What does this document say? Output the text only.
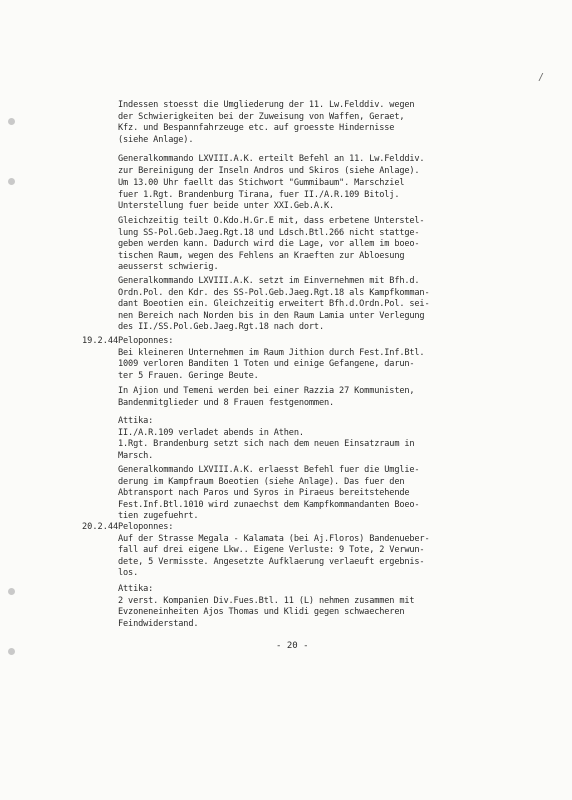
/
Indessen stoesst die Umgliederung der 11. Lw.Felddiv. wegen
der Schwierigkeiten bei der Zuweisung von Waffen, Geraet,
Kfz. und Bespannfahrzeuge etc. auf groesste Hindernisse
(siehe Anlage).
Generalkommando LXVIII.A.K. erteilt Befehl an 11. Lw.Felddiv.
zur Bereinigung der Inseln Andros und Skiros (siehe Anlage).
Um 13.00 Uhr faellt das Stichwort "Gummibaum". Marschziel
fuer 1.Rgt. Brandenburg Tirana, fuer II./A.R.109 Bitolj.
Unterstellung fuer beide unter XXI.Geb.A.K.
Gleichzeitig teilt O.Kdo.H.Gr.E mit, dass erbetene Unterstel-
lung SS-Pol.Geb.Jaeg.Rgt.18 und Ldsch.Btl.266 nicht stattge-
geben werden kann. Dadurch wird die Lage, vor allem im boeo-
tischen Raum, wegen des Fehlens an Kraeften zur Abloesung
aeusserst schwierig.
Generalkommando LXVIII.A.K. setzt im Einvernehmen mit Bfh.d.
Ordn.Pol. den Kdr. des SS-Pol.Geb.Jaeg.Rgt.18 als Kampfkomman-
dant Boeotien ein. Gleichzeitig erweitert Bfh.d.Ordn.Pol. sei-
nen Bereich nach Norden bis in den Raum Lamia unter Verlegung
des II./SS.Pol.Geb.Jaeg.Rgt.18 nach dort.
19.2.44 Peloponnes:
Bei kleineren Unternehmen im Raum Jithion durch Fest.Inf.Btl.
1009 verloren Banditen 1 Toten und einige Gefangene, darun-
ter 5 Frauen. Geringe Beute.
In Ajion und Temeni werden bei einer Razzia 27 Kommunisten,
Bandenmitglieder und 8 Frauen festgenommen.
Attika:
II./A.R.109 verladet abends in Athen.
1.Rgt. Brandenburg setzt sich nach dem neuen Einsatzraum in
Marsch.
Generalkommando LXVIII.A.K. erlaesst Befehl fuer die Umglie-
derung im Kampfraum Boeotien (siehe Anlage). Das fuer den
Abtransport nach Paros und Syros in Piraeus bereitstehende
Fest.Inf.Btl.1010 wird zunaechst dem Kampfkommandanten Boeo-
tien zugefuehrt.
20.2.44 Peloponnes:
Auf der Strasse Megala - Kalamata (bei Aj.Floros) Bandenueber-
fall auf drei eigene Lkw.. Eigene Verluste: 9 Tote, 2 Verwun-
dete, 5 Vermisste. Angesetzte Aufklaerung verlaeuft ergebnis-
los.
Attika:
2 verst. Kompanien Div.Fues.Btl. 11 (L) nehmen zusammen mit
Evzoneneinheiten Ajos Thomas und Klidi gegen schwaecheren
Feindwiderstand.
- 20 -
